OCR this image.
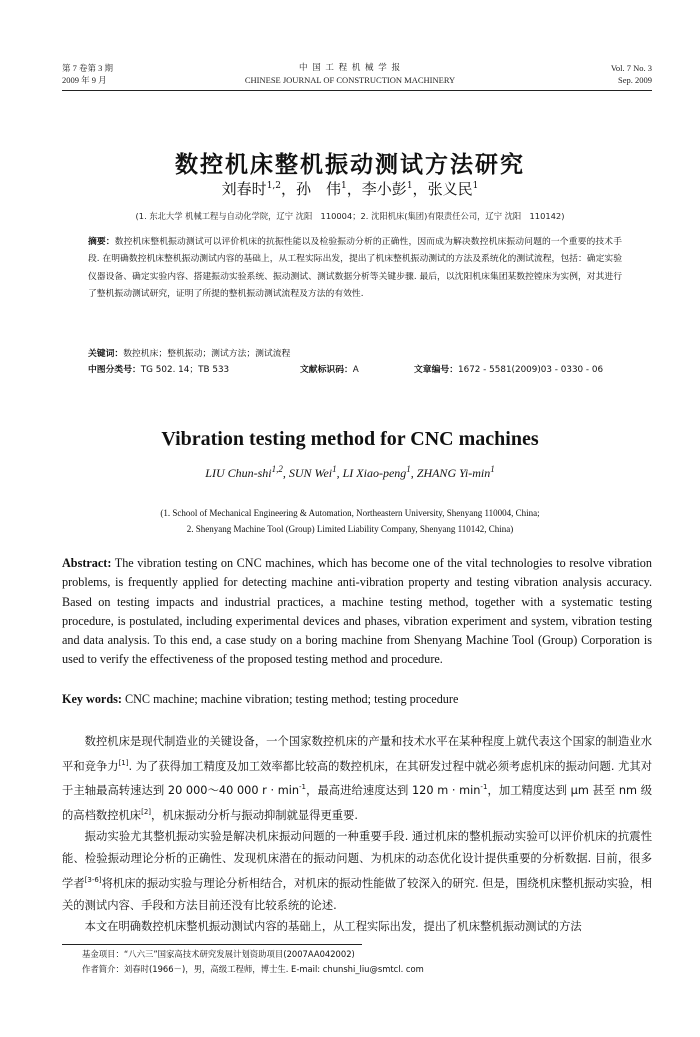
第 7 卷第 3 期
2009 年 9 月
中 国 工 程 机 械 学 报
CHINESE JOURNAL OF CONSTRUCTION MACHINERY
Vol. 7 No. 3
Sep. 2009
数控机床整机振动测试方法研究
刘春时$^{1,2}$，孙　伟$^1$，李小彭$^1$，张义民$^1$
(1. 东北大学 机械工程与自动化学院，辽宁 沈阳　110004；2. 沈阳机床(集团)有限责任公司，辽宁 沈阳　110142)
摘要：数控机床整机振动测试可以评价机床的抗振性能以及检验振动分析的正确性，因而成为解决数控机床振动问题的一个重要的技术手段. 在明确数控机床整机振动测试内容的基础上，从工程实际出发，提出了机床整机振动测试的方法及系统化的测试流程，包括：确定实验仪器设备、确定实验内容、搭建振动实验系统、振动测试、测试数据分析等关键步骤. 最后，以沈阳机床集团某数控镗床为实例，对其进行了整机振动测试研究，证明了所提的整机振动测试流程及方法的有效性.
关键词：数控机床；整机振动；测试方法；测试流程
中图分类号：TG 502. 14；TB 533	文献标识码：A	文章编号：1672 - 5581(2009)03 - 0330 - 06
Vibration testing method for CNC machines
LIU Chun-shi$^{1,2}$, SUN Wei$^1$, LI Xiao-peng$^1$, ZHANG $Yi-\min^1$
(1. School of Mechanical Engineering & Automation, Northeastern University, Shenyang 110004, China;
2. Shenyang Machine Tool (Group) Limited Liability Company, Shenyang 110142, China)
Abstract: The vibration testing on CNC machines, which has become one of the vital technologies to resolve vibration problems, is frequently applied for detecting machine anti-vibration property and testing vibration analysis accuracy. Based on testing impacts and industrial practices, a machine testing method, together with a systematic testing procedure, is postulated, including experimental devices and phases, vibration experiment and system, vibration testing and data analysis. To this end, a case study on a boring machine from Shenyang Machine Tool (Group) Corporation is used to verify the effectiveness of the proposed testing method and procedure.
Key words: CNC machine; machine vibration; testing method; testing procedure

数控机床是现代制造业的关键设备，一个国家数控机床的产量和技术水平在某种程度上就代表这个国家的制造业水平和竞争力[1]. 为了获得加工精度及加工效率都比较高的数控机床，在其研发过程中就必须考虑机床的振动问题. 尤其对于主轴最高转速达到 20 000～40 000 $r \cdot \min^{-1}$，最高进给速度达到 120 $m \cdot \min^{-1}$，加工精度达到 μm 甚至 nm 级的高档数控机床[2]，机床振动分析与振动抑制就显得更重要.

振动实验尤其整机振动实验是解决机床振动问题的一种重要手段. 通过机床的整机振动实验可以评价机床的抗震性能、检验振动理论分析的正确性、发现机床潜在的振动问题、为机床的动态优化设计提供重要的分析数据. 目前，很多学者[3-6]将机床的振动实验与理论分析相结合，对机床的振动性能做了较深入的研究. 但是，围绕机床整机振动实验，相关的测试内容、手段和方法目前还没有比较系统的论述.

本文在明确数控机床整机振动测试内容的基础上，从工程实际出发，提出了机床整机振动测试的方法

基金项目：“八六三”国家高技术研究发展计划资助项目(2007AA042002)
作者简介：刘春时(1966－)，男，高级工程师，博士生. E-mail: chunshi_liu@smtcl. com
